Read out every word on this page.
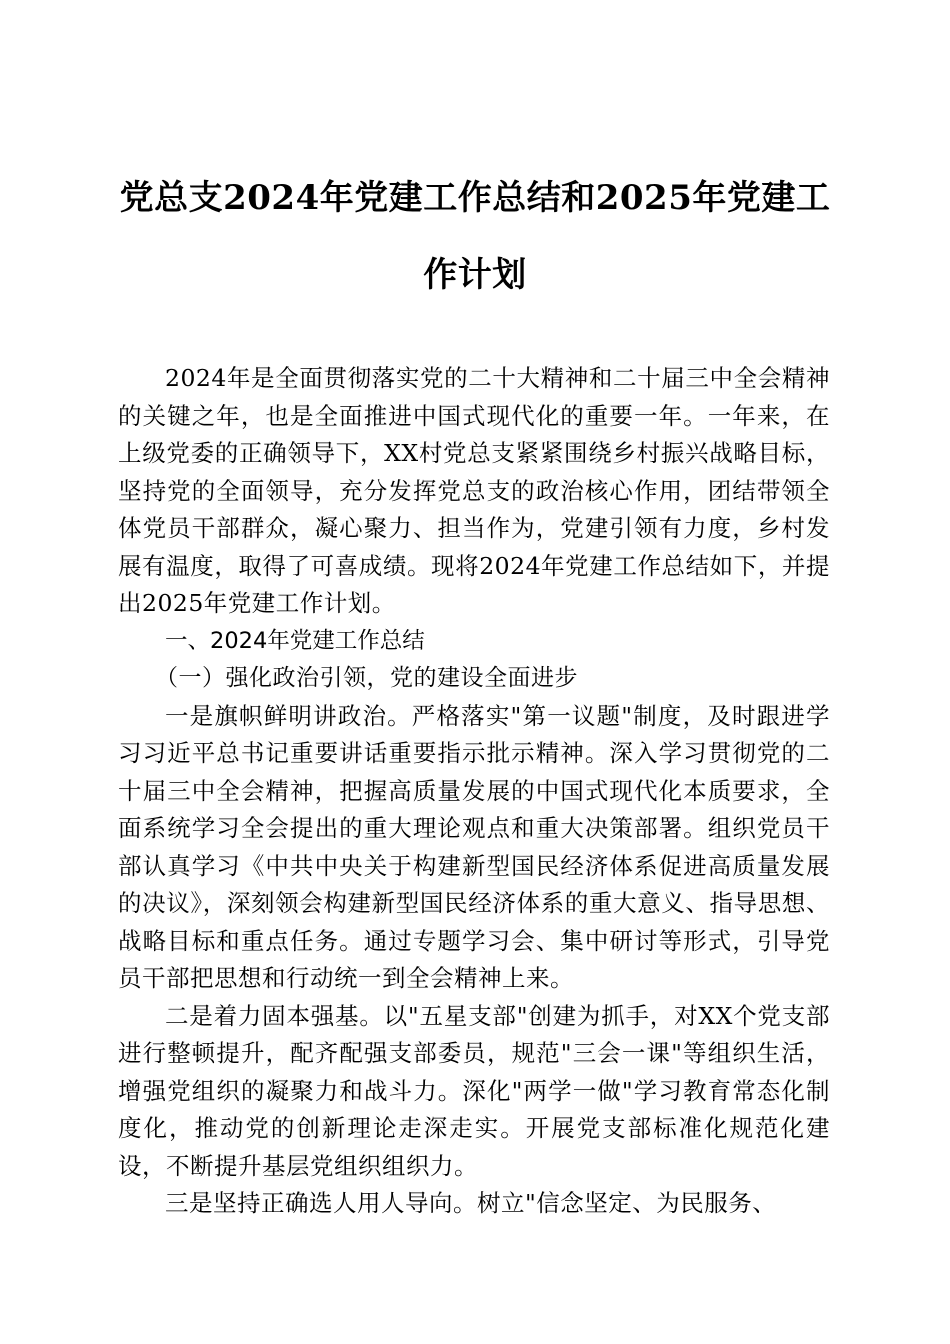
党总支2024年党建工作总结和2025年党建工作计划

2024年是全面贯彻落实党的二十大精神和二十届三中全会精神的关键之年，也是全面推进中国式现代化的重要一年。一年来，在上级党委的正确领导下，XX村党总支紧紧围绕乡村振兴战略目标，坚持党的全面领导，充分发挥党总支的政治核心作用，团结带领全体党员干部群众，凝心聚力、担当作为，党建引领有力度，乡村发展有温度，取得了可喜成绩。现将2024年党建工作总结如下，并提出2025年党建工作计划。

一、2024年党建工作总结

（一）强化政治引领，党的建设全面进步

一是旗帜鲜明讲政治。严格落实"第一议题"制度，及时跟进学习习近平总书记重要讲话重要指示批示精神。深入学习贯彻党的二十届三中全会精神，把握高质量发展的中国式现代化本质要求，全面系统学习全会提出的重大理论观点和重大决策部署。组织党员干部认真学习《中共中央关于构建新型国民经济体系促进高质量发展的决议》，深刻领会构建新型国民经济体系的重大意义、指导思想、战略目标和重点任务。通过专题学习会、集中研讨等形式，引导党员干部把思想和行动统一到全会精神上来。

二是着力固本强基。以"五星支部"创建为抓手，对XX个党支部进行整顿提升，配齐配强支部委员，规范"三会一课"等组织生活，增强党组织的凝聚力和战斗力。深化"两学一做"学习教育常态化制度化，推动党的创新理论走深走实。开展党支部标准化规范化建设，不断提升基层党组织组织力。

三是坚持正确选人用人导向。树立"信念坚定、为民服务、
